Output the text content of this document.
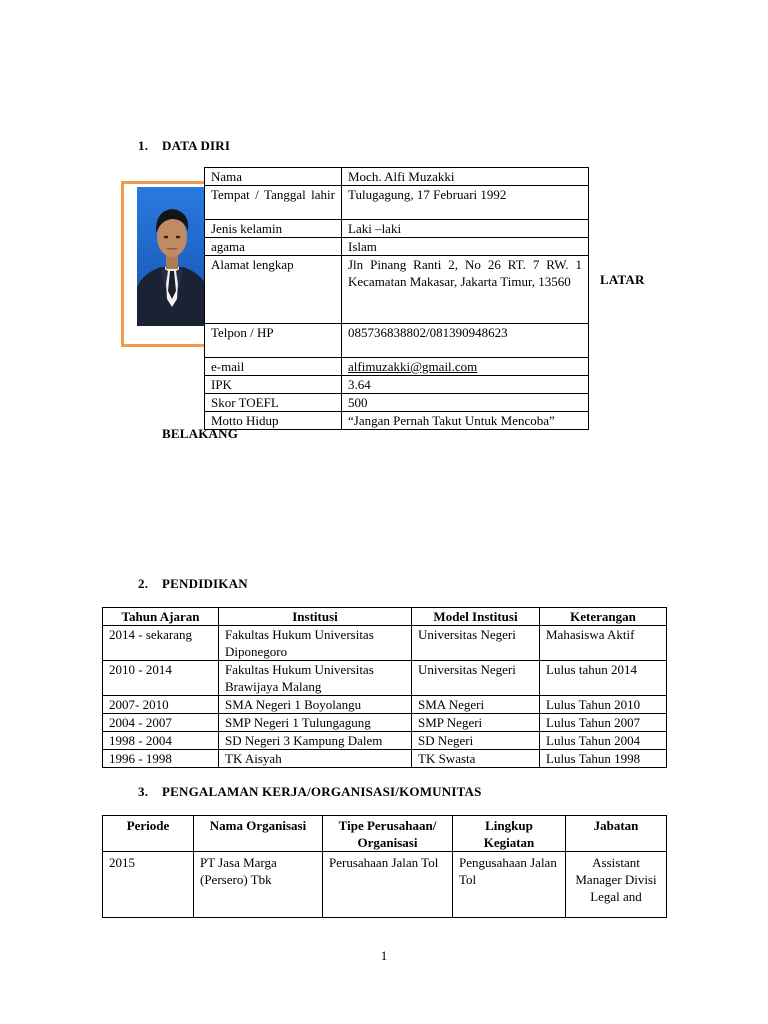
1. DATA DIRI
Nama	Moch. Alfi Muzakki
Tempat / Tanggal lahir	Tulugagung, 17 Februari 1992
Jenis kelamin	Laki –laki
agama	Islam
Alamat lengkap	Jln Pinang Ranti 2, No 26 RT. 7 RW. 1 Kecamatan Makasar, Jakarta Timur, 13560
Telpon / HP	085736838802/081390948623
e-mail	alfimuzakki@gmail.com
IPK	3.64
Skor TOEFL	500
Motto Hidup	“Jangan Pernah Takut Untuk Mencoba”
LATAR
BELAKANG
2. PENDIDIKAN
Tahun Ajaran	Institusi	Model Institusi	Keterangan
2014 - sekarang	Fakultas Hukum Universitas Diponegoro	Universitas Negeri	Mahasiswa Aktif
2010 - 2014	Fakultas Hukum Universitas Brawijaya Malang	Universitas Negeri	Lulus tahun 2014
2007- 2010	SMA Negeri 1 Boyolangu	SMA Negeri	Lulus Tahun 2010
2004 - 2007	SMP Negeri 1 Tulungagung	SMP Negeri	Lulus Tahun 2007
1998 - 2004	SD Negeri 3 Kampung Dalem	SD Negeri	Lulus Tahun 2004
1996 - 1998	TK Aisyah	TK Swasta	Lulus Tahun 1998
3. PENGALAMAN KERJA/ORGANISASI/KOMUNITAS
Periode	Nama Organisasi	Tipe Perusahaan/ Organisasi	Lingkup Kegiatan	Jabatan
2015	PT Jasa Marga (Persero) Tbk	Perusahaan Jalan Tol	Pengusahaan Jalan Tol	Assistant Manager Divisi Legal and
1
